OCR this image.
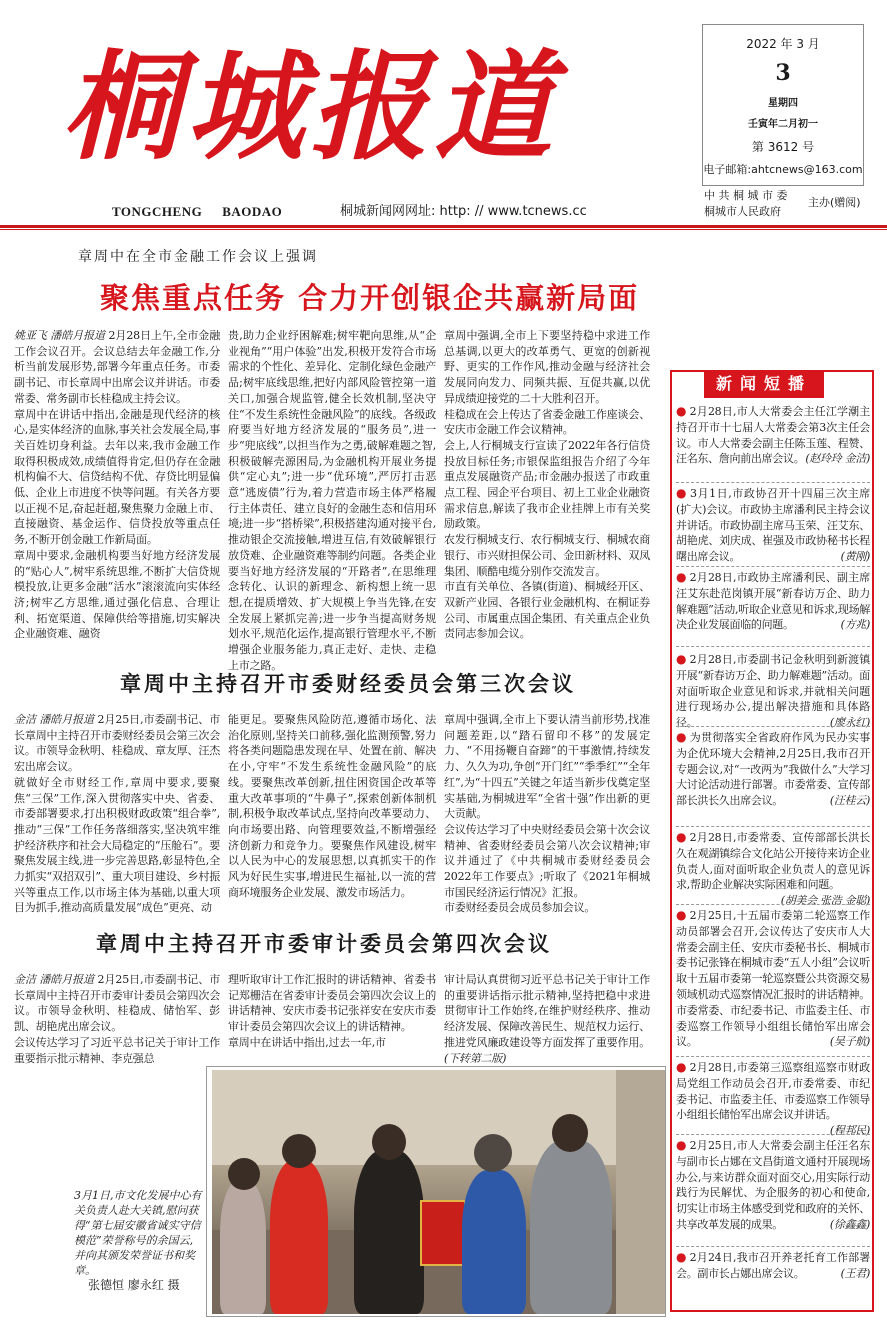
桐城报道
TONGCHENG BAODAO	桐城新闻网网址: http: // www.tcnews.cc
2022 年 3 月
3
星期四
壬寅年二月初一
第 3612 号
电子邮箱:ahtcnews@163.com
中 共 桐 城 市 委
桐城市人民政府
主办(赠阅)
章周中在全市金融工作会议上强调
聚焦重点任务 合力开创银企共赢新局面
姚亚飞 潘皓月报道 2月28日上午,全市金融工作会议召开。会议总结去年金融工作,分析当前发展形势,部署今年重点任务。市委副书记、市长章周中出席会议并讲话。市委常委、常务副市长桂稳成主持会议。
章周中在讲话中指出,金融是现代经济的核心,是实体经济的血脉,事关社会发展全局,事关百姓切身利益。去年以来,我市金融工作取得积极成效,成绩值得肯定,但仍存在金融机构偏不大、信贷结构不优、存贷比明显偏低、企业上市进度不快等问题。有关各方要以正视不足,奋起赶超,聚焦聚力金融上市、直接融资、基金运作、信贷投放等重点任务,不断开创金融工作新局面。
章周中要求,金融机构要当好地方经济发展的“贴心人”,树牢系统思维,不断扩大信贷规模投放,让更多金融“活水”滚滚流向实体经济;树牢乙方思维,通过强化信息、合理让利、拓宽渠道、保障供给等措施,切实解决企业融资难、融资
贵,助力企业纾困解难;树牢靶向思维,从“企业视角”“用户体验”出发,积极开发符合市场需求的个性化、差异化、定制化绿色金融产品;树牢底线思维,把好内部风险管控第一道关口,加强合规监管,健全长效机制,坚决守住“不发生系统性金融风险”的底线。各级政府要当好地方经济发展的“服务员”,进一步“兜底线”,以担当作为之勇,破解难题之智,积极破解壳源困局,为金融机构开展业务提供“定心丸”;进一步“优环境”,严厉打击恶意“逃废债”行为,着力营造市场主体严格履行主体责任、建立良好的金融生态和信用环境;进一步“搭桥梁”,积极搭建沟通对接平台,推动银企交流接触,增进互信,有效破解银行放贷难、企业融资难等制约问题。各类企业要当好地方经济发展的“开路者”,在思维理念转化、认识的新理念、新构想上统一思想,在提质增效、扩大规模上争当先锋,在安全发展上紧抓完善;进一步争当提高财务规划水平,规范化运作,提高银行管理水平,不断增强企业服务能力,真正走好、走快、走稳上市之路。
章周中强调,全市上下要坚持稳中求进工作总基调,以更大的改革勇气、更宽的创新视野、更实的工作作风,推动金融与经济社会发展同向发力、同频共振、互促共赢,以优异成绩迎接党的二十大胜利召开。
桂稳成在会上传达了省委金融工作座谈会、安庆市金融工作会议精神。
会上,人行桐城支行宣读了2022年各行信贷投放目标任务;市银保监组报告介绍了今年重点发展融资产品;市金融办报送了市政重点工程、园企平台项目、初上工业企业融资需求信息,解读了我市企业挂牌上市有关奖励政策。
农发行桐城支行、农行桐城支行、桐城农商银行、市兴财担保公司、金田新材料、双凤集团、顺酷电缆分别作交流发言。
市直有关单位、各镇(街道)、桐城经开区、双新产业园、各银行业金融机构、在桐证券公司、市属重点国企集团、有关重点企业负责同志参加会议。
章周中主持召开市委财经委员会第三次会议
金洁 潘皓月报道 2月25日,市委副书记、市长章周中主持召开市委财经委员会第三次会议。市领导金秋明、桂稳成、章友厚、汪杰宏出席会议。
就做好全市财经工作,章周中要求,要聚焦“三保”工作,深入贯彻落实中央、省委、市委部署要求,打出积极财政政策“组合拳”,推动“三保”工作任务落细落实,坚决筑牢维护经济秩序和社会大局稳定的“压舱石”。要聚焦发展主线,进一步完善思路,彰显特色,全力抓实“双招双引”、重大项目建设、乡村振兴等重点工作,以市场主体为基础,以重大项目为抓手,推动高质量发展“成色”更亮、动
能更足。要聚焦风险防范,遵循市场化、法治化原则,坚持关口前移,强化监测预警,努力将各类问题隐患发现在早、处置在前、解决在小,守牢“不发生系统性金融风险”的底线。要聚焦改革创新,扭住困资国企改革等重大改革事项的“牛鼻子”,探索创新体制机制,积极争取改革试点,坚持向改革要动力、向市场要出路、向管理要效益,不断增强经济创新力和竞争力。要聚焦作风建设,树牢以人民为中心的发展思想,以真抓实干的作风为好民生实事,增进民生福祉,以一流的营商环境服务企业发展、激发市场活力。
章周中强调,全市上下要认清当前形势,找准问题差距,以“踏石留印不移”的发展定力、“不用扬鞭自奋蹄”的干事激情,持续发力、久久为功,争创“开门红”“季季红”“全年红”,为“十四五”关键之年适当新步伐奠定坚实基础,为桐城进军“全省十强”作出新的更大贡献。
会议传达学习了中央财经委员会第十次会议精神、省委财经委员会第八次会议精神;审议并通过了《中共桐城市委财经委员会2022年工作要点》;听取了《2021年桐城市国民经济运行情况》汇报。
市委财经委员会成员参加会议。
章周中主持召开市委审计委员会第四次会议
金洁 潘皓月报道 2月25日,市委副书记、市长章周中主持召开市委审计委员会第四次会议。市领导金秋明、桂稳成、储怡军、彭凯、胡艳虎出席会议。
会议传达学习了习近平总书记关于审计工作重要指示批示精神、李克强总
理听取审计工作汇报时的讲话精神、省委书记郑栅洁在省委审计委员会第四次会议上的讲话精神、安庆市委书记张祥安在安庆市委审计委员会第四次会议上的讲话精神。
章周中在讲话中指出,过去一年,市
审计局认真贯彻习近平总书记关于审计工作的重要讲话指示批示精神,坚持把稳中求进贯彻审计工作始终,在维护财经秩序、推动经济发展、保障改善民生、规范权力运行、推进党风廉政建设等方面发挥了重要作用。 (下转第二版)
3月1日,市文化发展中心有关负责人赴大关镇,慰问获得“第七届安徽省诚实守信模范”荣誉称号的余国云,并向其颁发荣誉证书和奖章。
张德恒 廖永红 摄
新闻短播
● 2月28日,市人大常委会主任江学潮主持召开市十七届人大常委会第3次主任会议。市人大常委会副主任陈玉莲、程赞、汪名东、詹向前出席会议。 (赵玲玲 金洁)
● 3月1日,市政协召开十四届三次主席(扩大)会议。市政协主席潘利民主持会议并讲话。市政协副主席马玉荣、汪艾东、胡艳虎、刘庆成、崔强及市政协秘书长程曙出席会议。	(黄刚)
● 2月28日,市政协主席潘利民、副主席汪艾东赴范岗镇开展“新春访万企、助力解难题”活动,听取企业意见和诉求,现场解决企业发展面临的问题。	(方兆)
● 2月28日,市委副书记金秋明到新渡镇开展“新春访万企、助力解难题”活动。面对面听取企业意见和诉求,并就相关问题进行现场办公,提出解决措施和具体路径。	(廖永红)
● 为贯彻落实全省政府作风为民办实事为企优环境大会精神,2月25日,我市召开专题会议,对“一改两为”我做什么”大学习大讨论活动进行部署。市委常委、宣传部部长洪长久出席会议。	(汪桂云)
● 2月28日,市委常委、宣传部部长洪长久在观湖镇综合文化站公开接待来访企业负责人,面对面听取企业负责人的意见诉求,帮助企业解决实际困难和问题。
(胡美会 张浩 金聪)
● 2月25日,十五届市委第二轮巡察工作动员部署会召开,会议传达了安庆市人大常委会副主任、安庆市委秘书长、桐城市委书记张锋在桐城市委“五人小组”会议听取十五届市委第一轮巡察暨公共资源交易领域机动式巡察情况汇报时的讲话精神。市委常委、市纪委书记、市监委主任、市委巡察工作领导小组组长储怡军出席会议。	(吴子航)
● 2月28日,市委第三巡察组巡察市财政局党组工作动员会召开,市委常委、市纪委书记、市监委主任、市委巡察工作领导小组组长储怡军出席会议并讲话。
(程邦民)
● 2月25日,市人大常委会副主任汪名东与副市长占娜在文昌街道文通村开展现场办公,与来访群众面对面交心,用实际行动践行为民解忧、为企服务的初心和使命,切实让市场主体感受到党和政府的关怀、共享改革发展的成果。	(徐鑫鑫)
● 2月24日,我市召开养老托育工作部署会。副市长占娜出席会议。	(王君)
